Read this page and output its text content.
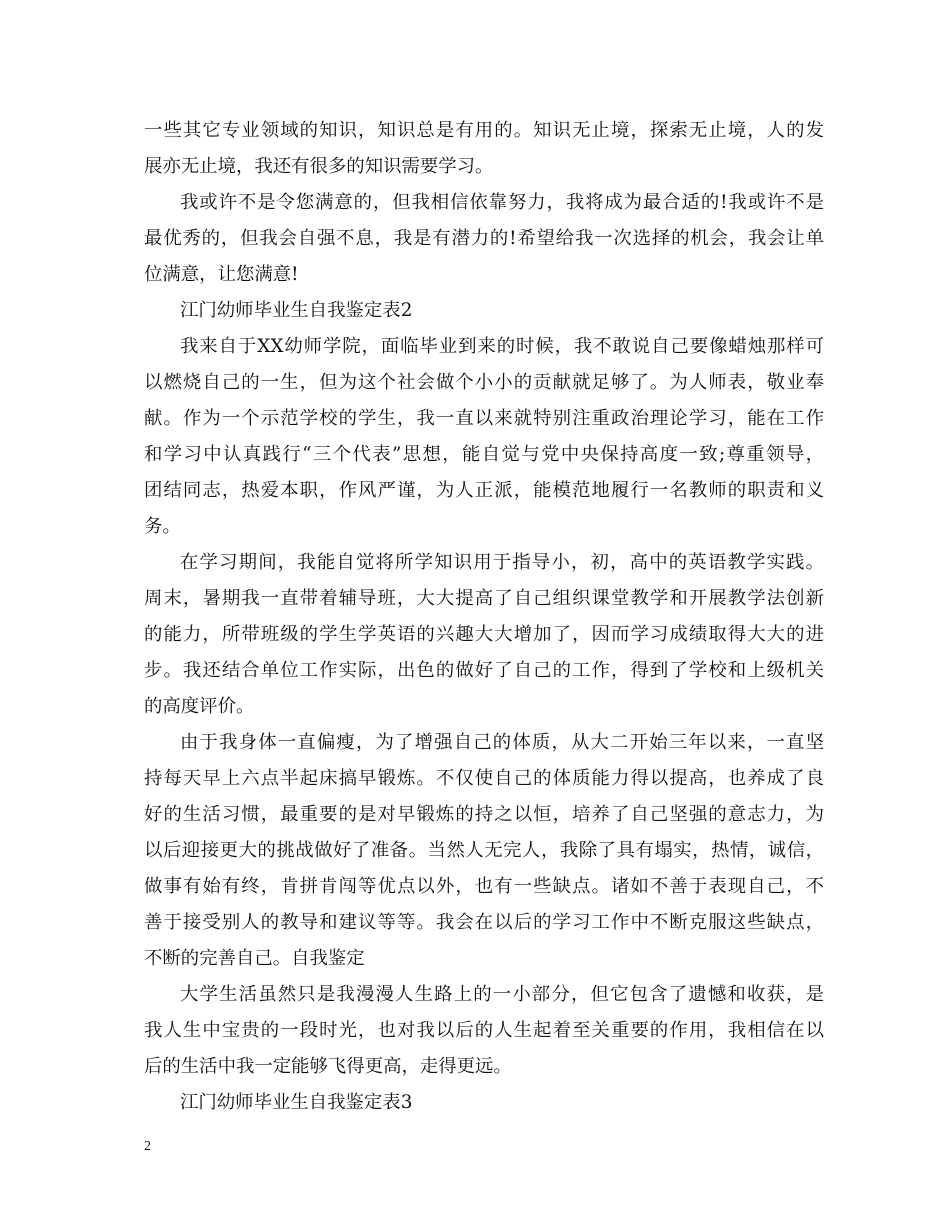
一些其它专业领域的知识，知识总是有用的。知识无止境，探索无止境，人的发
展亦无止境，我还有很多的知识需要学习。
我或许不是令您满意的，但我相信依靠努力，我将成为最合适的!我或许不是
最优秀的，但我会自强不息，我是有潜力的!希望给我一次选择的机会，我会让单
位满意，让您满意!
江门幼师毕业生自我鉴定表2
我来自于XX幼师学院，面临毕业到来的时候，我不敢说自己要像蜡烛那样可
以燃烧自己的一生，但为这个社会做个小小的贡献就足够了。为人师表，敬业奉
献。作为一个示范学校的学生，我一直以来就特别注重政治理论学习，能在工作
和学习中认真践行“三个代表”思想，能自觉与党中央保持高度一致;尊重领导，
团结同志，热爱本职，作风严谨，为人正派，能模范地履行一名教师的职责和义
务。
在学习期间，我能自觉将所学知识用于指导小，初，高中的英语教学实践。
周末，暑期我一直带着辅导班，大大提高了自己组织课堂教学和开展教学法创新
的能力，所带班级的学生学英语的兴趣大大增加了，因而学习成绩取得大大的进
步。我还结合单位工作实际，出色的做好了自己的工作，得到了学校和上级机关
的高度评价。
由于我身体一直偏瘦，为了增强自己的体质，从大二开始三年以来，一直坚
持每天早上六点半起床搞早锻炼。不仅使自己的体质能力得以提高，也养成了良
好的生活习惯，最重要的是对早锻炼的持之以恒，培养了自己坚强的意志力，为
以后迎接更大的挑战做好了准备。当然人无完人，我除了具有塌实，热情，诚信，
做事有始有终，肯拼肯闯等优点以外，也有一些缺点。诸如不善于表现自己，不
善于接受别人的教导和建议等等。我会在以后的学习工作中不断克服这些缺点，
不断的完善自己。自我鉴定
大学生活虽然只是我漫漫人生路上的一小部分，但它包含了遗憾和收获，是
我人生中宝贵的一段时光，也对我以后的人生起着至关重要的作用，我相信在以
后的生活中我一定能够飞得更高，走得更远。
江门幼师毕业生自我鉴定表3
2
